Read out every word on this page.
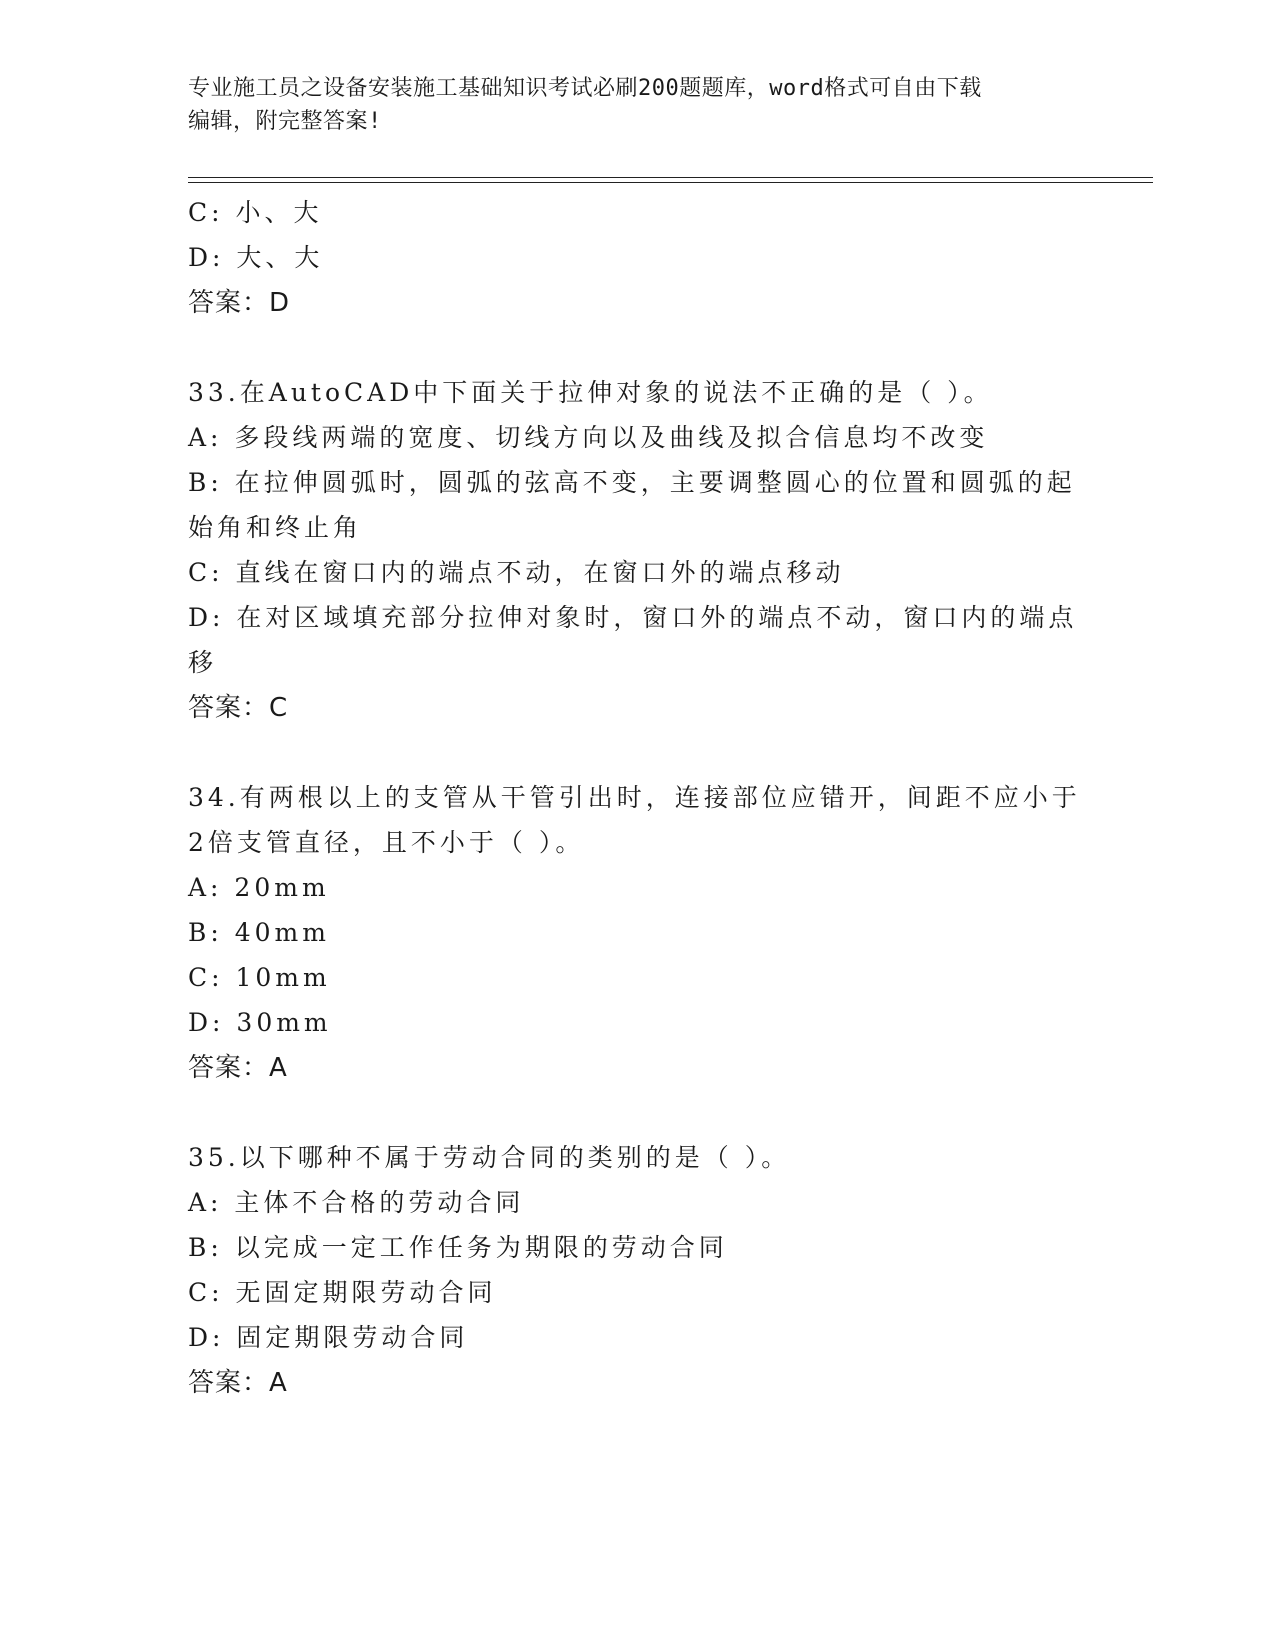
专业施工员之设备安装施工基础知识考试必刷200题题库，word格式可自由下载
编辑，附完整答案!
C: 小、大
D: 大、大
答案：D
33.在AutoCAD中下面关于拉伸对象的说法不正确的是（ ）。
A: 多段线两端的宽度、切线方向以及曲线及拟合信息均不改变
B: 在拉伸圆弧时，圆弧的弦高不变，主要调整圆心的位置和圆弧的起
始角和终止角
C: 直线在窗口内的端点不动，在窗口外的端点移动
D: 在对区域填充部分拉伸对象时，窗口外的端点不动，窗口内的端点
移
答案：C
34.有两根以上的支管从干管引出时，连接部位应错开，间距不应小于
2倍支管直径，且不小于（ ）。
A: 20mm
B: 40mm
C: 10mm
D: 30mm
答案：A
35.以下哪种不属于劳动合同的类别的是（ ）。
A: 主体不合格的劳动合同
B: 以完成一定工作任务为期限的劳动合同
C: 无固定期限劳动合同
D: 固定期限劳动合同
答案：A
